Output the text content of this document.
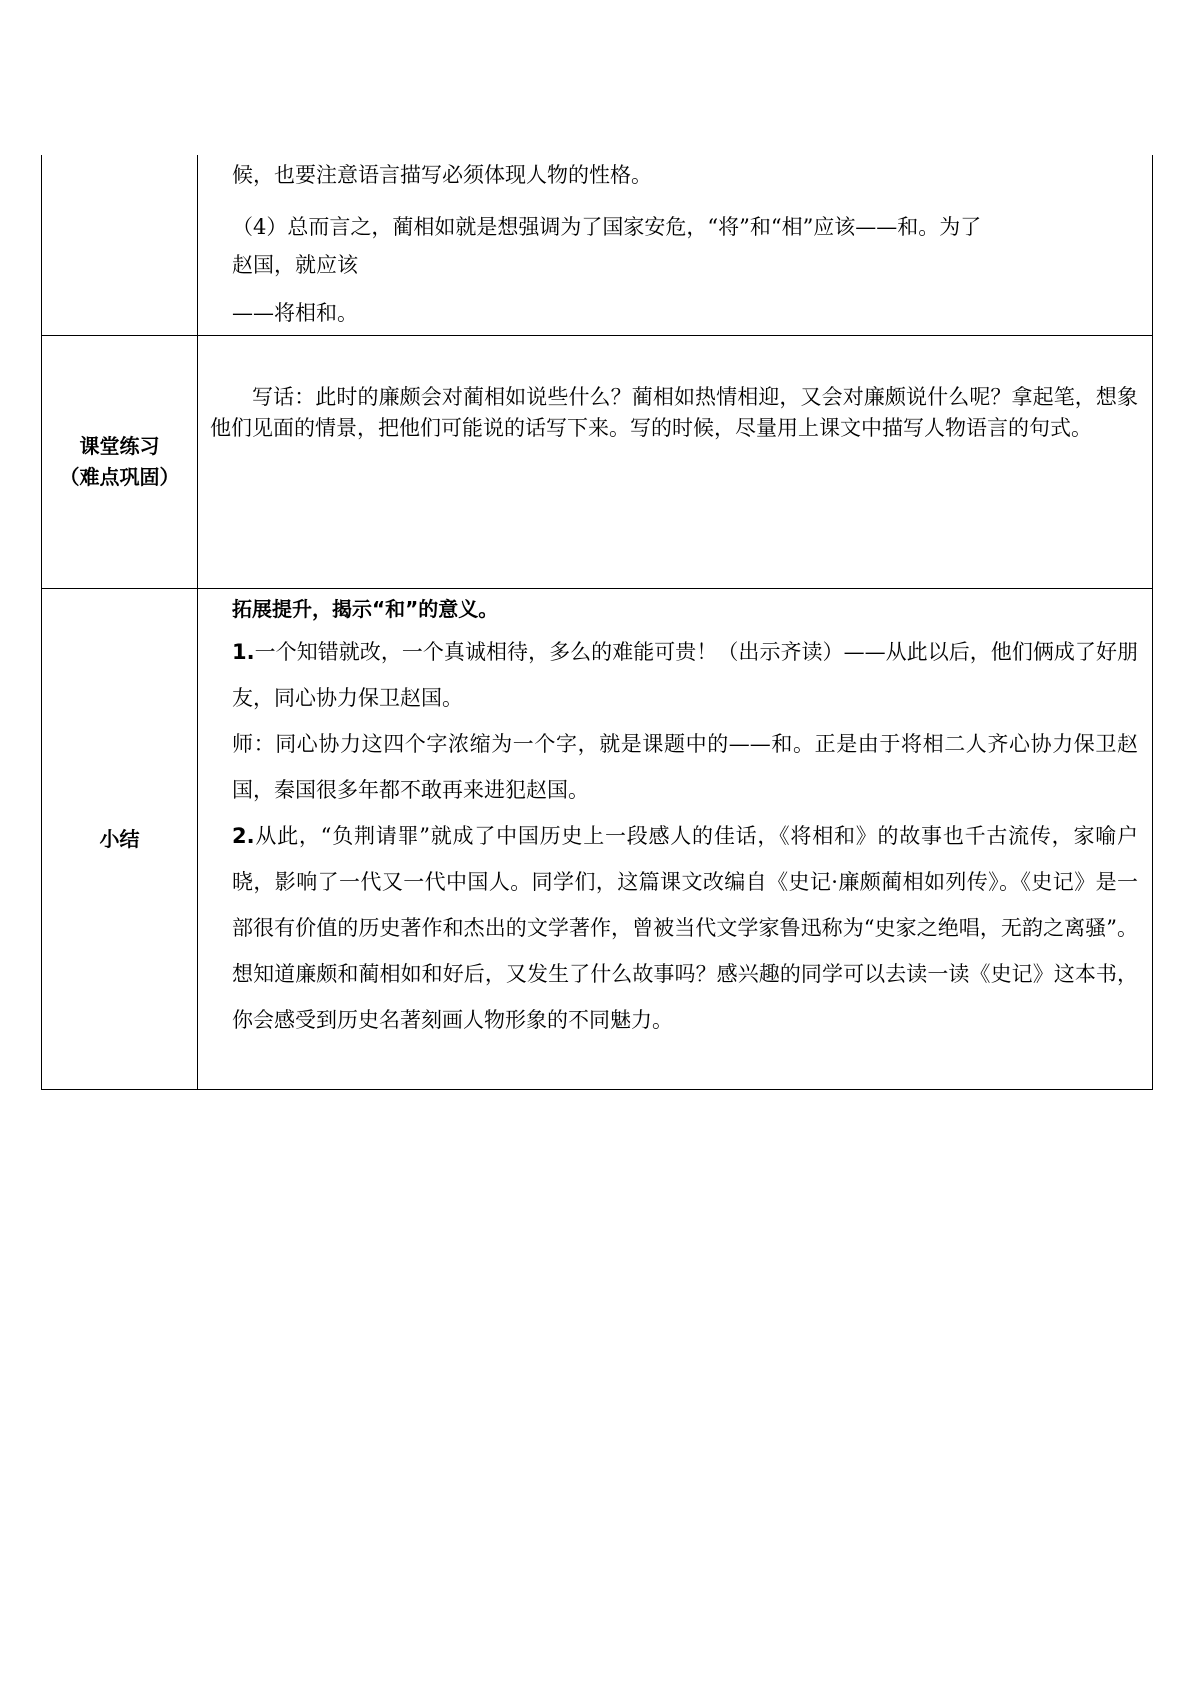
	候，也要注意语言描写必须体现人物的性格。

（4）总而言之，蔺相如就是想强调为了国家安危，“将”和“相”应该——和。为了

赵国，就应该

——将相和。

课堂练习
（难点巩固）	写话：此时的廉颇会对蔺相如说些什么？蔺相如热情相迎，又会对廉颇说什么呢？拿起笔，想象他们见面的情景，把他们可能说的话写下来。写的时候，尽量用上课文中描写人物语言的句式。

小结	拓展提升，揭示“和”的意义。

1.一个知错就改，一个真诚相待，多么的难能可贵！（出示齐读）——从此以后，他们俩成了好朋友，同心协力保卫赵国。

师：同心协力这四个字浓缩为一个字，就是课题中的——和。正是由于将相二人齐心协力保卫赵国，秦国很多年都不敢再来进犯赵国。

2.从此，“负荆请罪”就成了中国历史上一段感人的佳话，《将相和》的故事也千古流传，家喻户晓，影响了一代又一代中国人。同学们，这篇课文改编自《史记·廉颇蔺相如列传》。《史记》是一部很有价值的历史著作和杰出的文学著作，曾被当代文学家鲁迅称为“史家之绝唱，无韵之离骚”。想知道廉颇和蔺相如和好后，又发生了什么故事吗？感兴趣的同学可以去读一读《史记》这本书，你会感受到历史名著刻画人物形象的不同魅力。
